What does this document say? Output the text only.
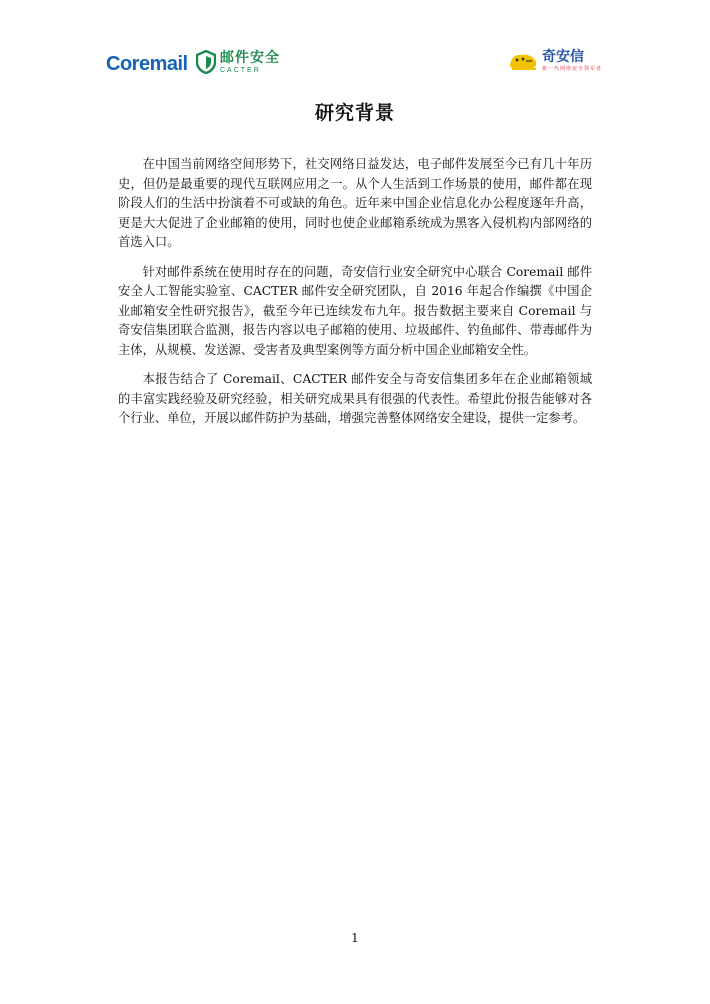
Coremail 邮件安全
CACTER
奇安信
新一代网络安全领军者
研究背景

在中国当前网络空间形势下，社交网络日益发达，电子邮件发展至今已有几十年历史，但仍是最重要的现代互联网应用之一。从个人生活到工作场景的使用，邮件都在现阶段人们的生活中扮演着不可或缺的角色。近年来中国企业信息化办公程度逐年升高，更是大大促进了企业邮箱的使用，同时也使企业邮箱系统成为黑客入侵机构内部网络的首选入口。

针对邮件系统在使用时存在的问题，奇安信行业安全研究中心联合 Coremail 邮件安全人工智能实验室、CACTER 邮件安全研究团队，自 2016 年起合作编撰《中国企业邮箱安全性研究报告》，截至今年已连续发布九年。报告数据主要来自 Coremail 与奇安信集团联合监测，报告内容以电子邮箱的使用、垃圾邮件、钓鱼邮件、带毒邮件为主体，从规模、发送源、受害者及典型案例等方面分析中国企业邮箱安全性。

本报告结合了 Coremail、CACTER 邮件安全与奇安信集团多年在企业邮箱领域的丰富实践经验及研究经验，相关研究成果具有很强的代表性。希望此份报告能够对各个行业、单位，开展以邮件防护为基础，增强完善整体网络安全建设，提供一定参考。

1
